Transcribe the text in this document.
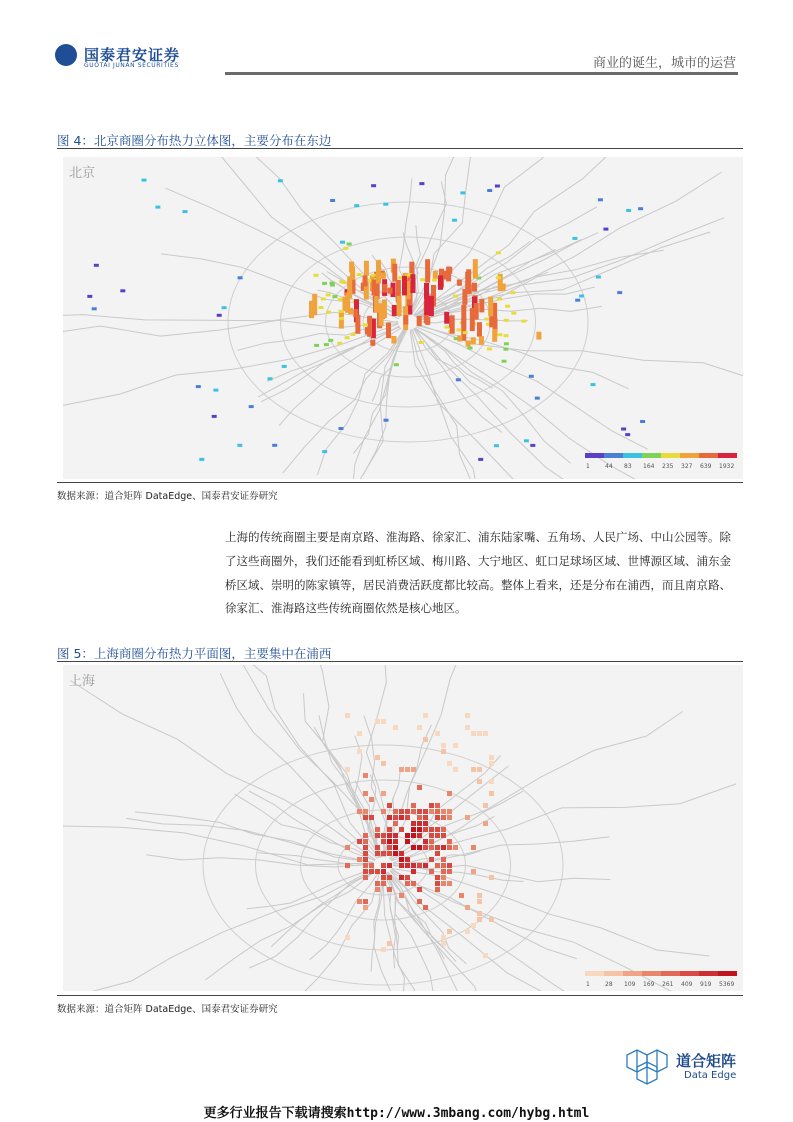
国泰君安证券
GUOTAI JUNAN SECURITIES	商业的诞生，城市的运营
图 4：北京商圈分布热力立体图，主要分布在东边
1	44 83 164 235 327 639 1932
北京
数据来源：道合矩阵 DataEdge、国泰君安证券研究
上海的传统商圈主要是南京路、淮海路、徐家汇、浦东陆家嘴、五角场、人民广场、中山公园等。除了这些商圈外，我们还能看到虹桥区域、梅川路、大宁地区、虹口足球场区域、世博源区域、浦东金桥区域、崇明的陈家镇等，居民消费活跃度都比较高。整体上看来，还是分布在浦西，而且南京路、徐家汇、淮海路这些传统商圈依然是核心地区。
图 5：上海商圈分布热力平面图，主要集中在浦西
1	28 109 169 261 409 919 5369
上海
数据来源：道合矩阵 DataEdge、国泰君安证券研究
道合矩阵
Data Edge
更多行业报告下载请搜索http://www.3mbang.com/hybg.html
